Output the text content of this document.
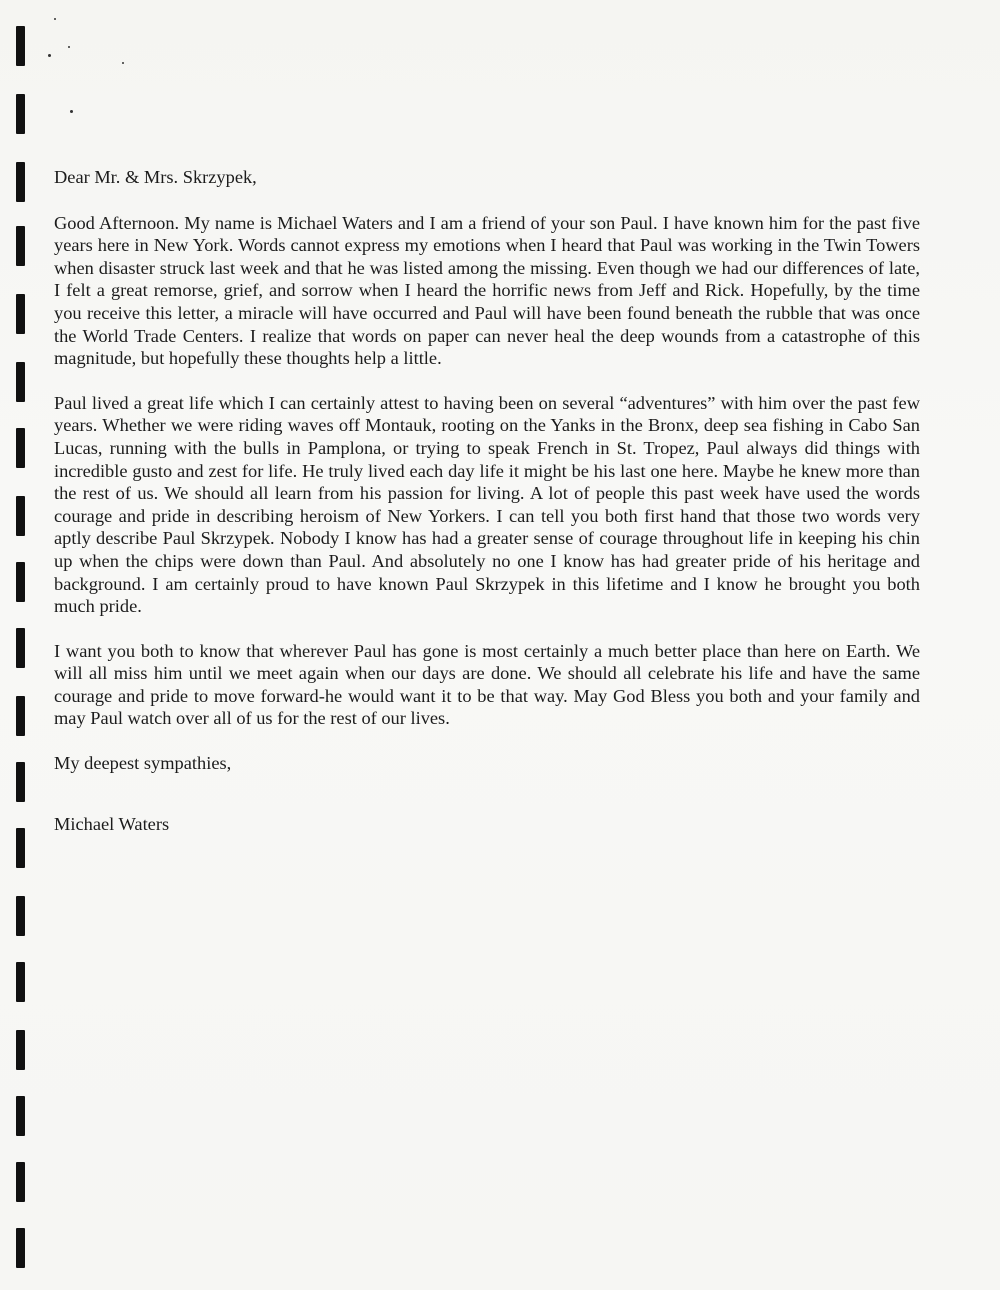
Dear Mr. & Mrs. Skrzypek,

Good Afternoon. My name is Michael Waters and I am a friend of your son Paul. I have known him for the past five years here in New York. Words cannot express my emotions when I heard that Paul was working in the Twin Towers when disaster struck last week and that he was listed among the missing. Even though we had our differences of late, I felt a great remorse, grief, and sorrow when I heard the horrific news from Jeff and Rick. Hopefully, by the time you receive this letter, a miracle will have occurred and Paul will have been found beneath the rubble that was once the World Trade Centers. I realize that words on paper can never heal the deep wounds from a catastrophe of this magnitude, but hopefully these thoughts help a little.

Paul lived a great life which I can certainly attest to having been on several “adventures” with him over the past few years. Whether we were riding waves off Montauk, rooting on the Yanks in the Bronx, deep sea fishing in Cabo San Lucas, running with the bulls in Pamplona, or trying to speak French in St. Tropez, Paul always did things with incredible gusto and zest for life. He truly lived each day life it might be his last one here. Maybe he knew more than the rest of us. We should all learn from his passion for living. A lot of people this past week have used the words courage and pride in describing heroism of New Yorkers. I can tell you both first hand that those two words very aptly describe Paul Skrzypek. Nobody I know has had a greater sense of courage throughout life in keeping his chin up when the chips were down than Paul. And absolutely no one I know has had greater pride of his heritage and background. I am certainly proud to have known Paul Skrzypek in this lifetime and I know he brought you both much pride.

I want you both to know that wherever Paul has gone is most certainly a much better place than here on Earth. We will all miss him until we meet again when our days are done. We should all celebrate his life and have the same courage and pride to move forward-he would want it to be that way. May God Bless you both and your family and may Paul watch over all of us for the rest of our lives.

My deepest sympathies,

Michael Waters
